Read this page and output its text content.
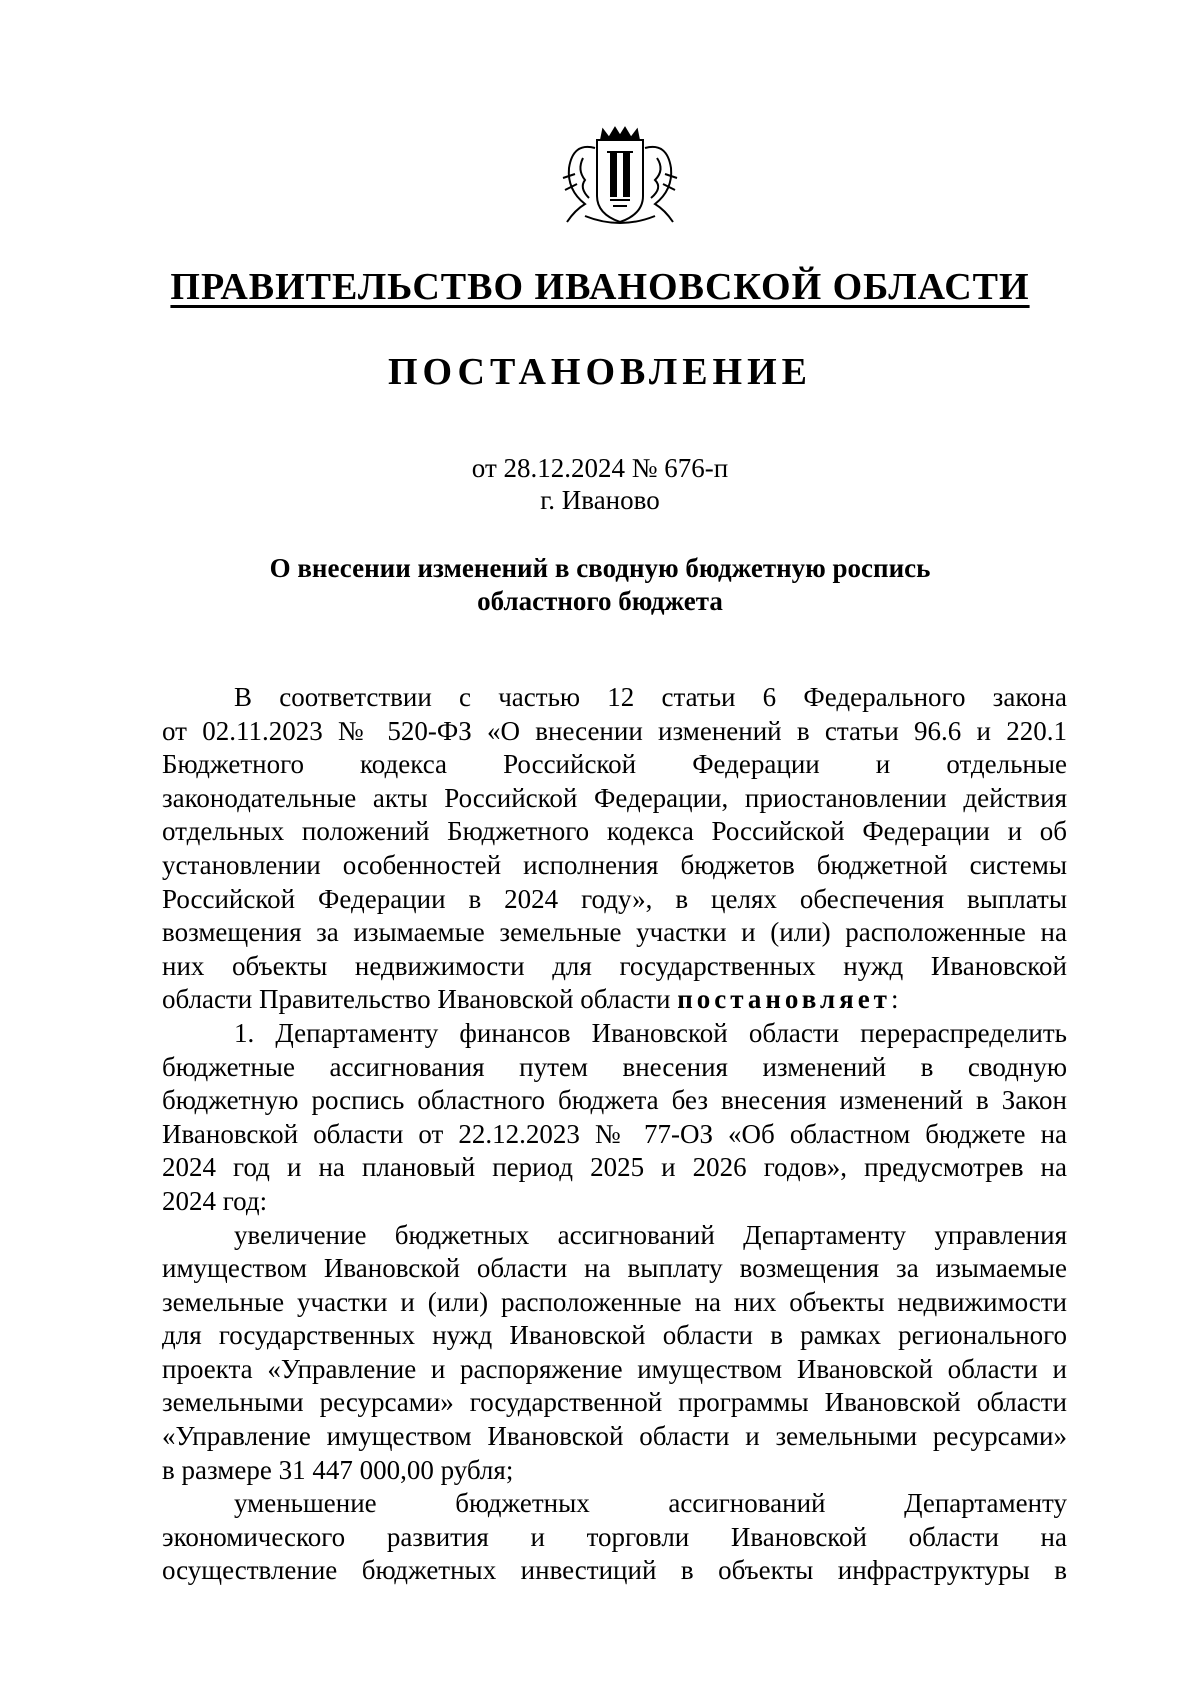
ПРАВИТЕЛЬСТВО ИВАНОВСКОЙ ОБЛАСТИ
ПОСТАНОВЛЕНИЕ
от 28.12.2024 № 676-п
г. Иваново
О внесении изменений в сводную бюджетную роспись
областного бюджета

В соответствии с частью 12 статьи 6 Федерального закона

от 02.11.2023 № 520-ФЗ «О внесении изменений в статьи 96.6 и 220.1

Бюджетного кодекса Российской Федерации и отдельные

законодательные акты Российской Федерации, приостановлении действия

отдельных положений Бюджетного кодекса Российской Федерации и об

установлении особенностей исполнения бюджетов бюджетной системы

Российской Федерации в 2024 году», в целях обеспечения выплаты

возмещения за изымаемые земельные участки и (или) расположенные на

них объекты недвижимости для государственных нужд Ивановской

области Правительство Ивановской области постановляет:

1. Департаменту финансов Ивановской области перераспределить

бюджетные ассигнования путем внесения изменений в сводную

бюджетную роспись областного бюджета без внесения изменений в Закон

Ивановской области от 22.12.2023 № 77-ОЗ «Об областном бюджете на

2024 год и на плановый период 2025 и 2026 годов», предусмотрев на

2024 год:

увеличение бюджетных ассигнований Департаменту управления

имуществом Ивановской области на выплату возмещения за изымаемые

земельные участки и (или) расположенные на них объекты недвижимости

для государственных нужд Ивановской области в рамках регионального

проекта «Управление и распоряжение имуществом Ивановской области и

земельными ресурсами» государственной программы Ивановской области

«Управление имуществом Ивановской области и земельными ресурсами»

в размере 31 447 000,00 рубля;

уменьшение бюджетных ассигнований Департаменту

экономического развития и торговли Ивановской области на

осуществление бюджетных инвестиций в объекты инфраструктуры в
